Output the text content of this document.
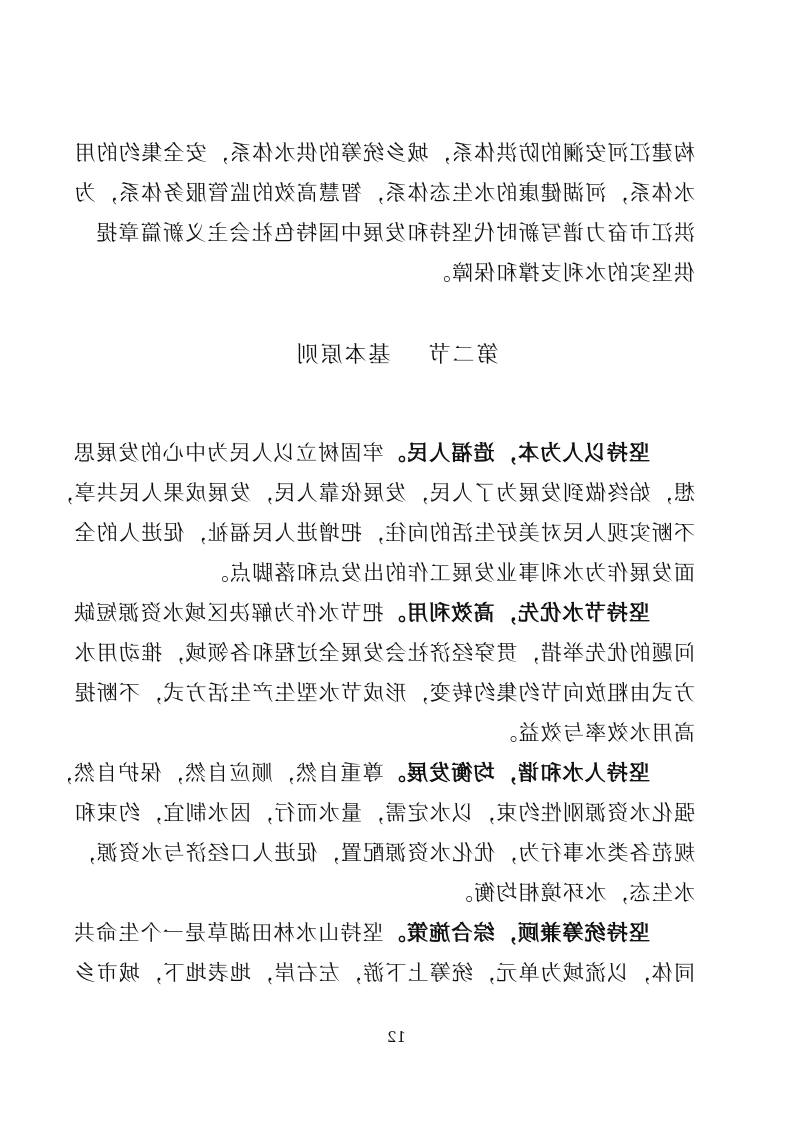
构建江河安澜的防洪体系，城乡统筹的供水体系，安全集约的用
水体系，河湖健康的水生态体系，智慧高效的监管服务体系，为
洪江市奋力谱写新时代坚持和发展中国特色社会主义新篇章提
供坚实的水利支撑和保障。
第二节    基本原则
坚持以人为本，造福人民。牢固树立以人民为中心的发展思
想，始终做到发展为了人民，发展依靠人民，发展成果人民共享，
不断实现人民对美好生活的向往，把增进人民福祉，促进人的全
面发展作为水利事业发展工作的出发点和落脚点。
坚持节水优先，高效利用。把节水作为解决区域水资源短缺
问题的优先举措，贯穿经济社会发展全过程和各领域，推动用水
方式由粗放向节约集约转变，形成节水型生产生活方式，不断提
高用水效率与效益。
坚持人水和谐，均衡发展。尊重自然，顺应自然，保护自然，
强化水资源刚性约束，以水定需，量水而行，因水制宜，约束和
规范各类水事行为，优化水资源配置，促进人口经济与水资源，
水生态，水环境相均衡。
坚持统筹兼顾，综合施策。坚持山水林田湖草是一个生命共
同体，以流域为单元，统筹上下游，左右岸，地表地下，城市乡
12
